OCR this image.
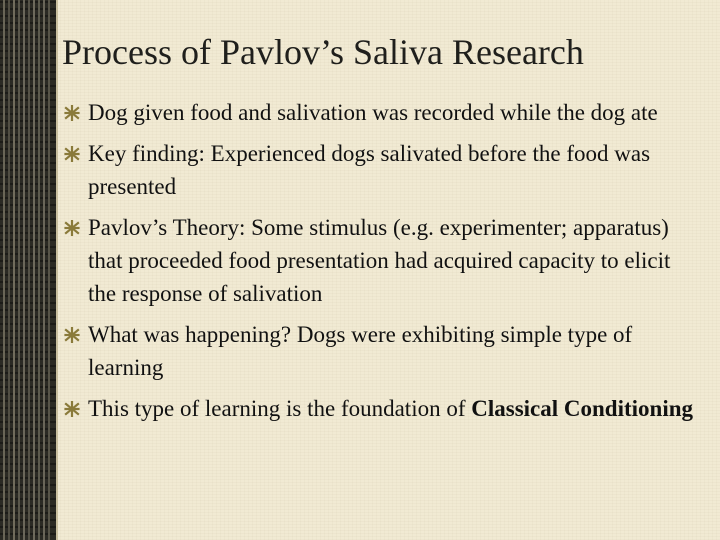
Process of Pavlov’s Saliva Research
Dog given food and salivation was recorded while the dog ate
Key finding: Experienced dogs salivated before the food was presented
Pavlov’s Theory: Some stimulus (e.g. experimenter; apparatus) that proceeded food presentation had acquired capacity to elicit the response of salivation
What was happening? Dogs were exhibiting simple type of learning
This type of learning is the foundation of Classical Conditioning
